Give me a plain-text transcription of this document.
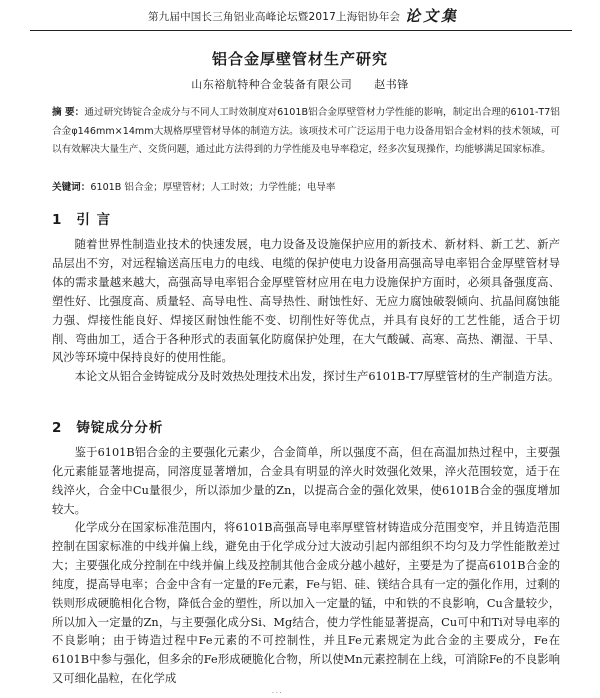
第九届中国长三角铝业高峰论坛暨2017上海铝协年会 论文集
铝合金厚壁管材生产研究
山东裕航特种合金装备有限公司 赵书锋
摘 要：通过研究铸锭合金成分与不同人工时效制度对6101B铝合金厚壁管材力学性能的影响，制定出合理的6101-T7铝合金φ146mm×14mm大规格厚壁管材导体的制造方法。该项技术可广泛运用于电力设备用铝合金材料的技术领域，可以有效解决大量生产、交货问题，通过此方法得到的力学性能及电导率稳定，经多次复现操作，均能够满足国家标准。
关键词：6101B 铝合金；厚壁管材；人工时效；力学性能；电导率
1 引 言

随着世界性制造业技术的快速发展，电力设备及设施保护应用的新技术、新材料、新工艺、新产品层出不穷，对远程输送高压电力的电线、电缆的保护使电力设备用高强高导电率铝合金厚壁管材导体的需求量越来越大，高强高导电率铝合金厚壁管材应用在电力设施保护方面时，必须具备强度高、塑性好、比强度高、质量轻、高导电性、高导热性、耐蚀性好、无应力腐蚀破裂倾向、抗晶间腐蚀能力强、焊接性能良好、焊接区耐蚀性能不变、切削性好等优点，并具有良好的工艺性能，适合于切削、弯曲加工，适合于各种形式的表面氧化防腐保护处理，在大气酸碱、高寒、高热、潮湿、干旱、风沙等环境中保持良好的使用性能。

本论文从铝合金铸锭成分及时效热处理技术出发，探讨生产6101B-T7厚壁管材的生产制造方法。

2 铸锭成分分析

鉴于6101B铝合金的主要强化元素少，合金简单，所以强度不高，但在高温加热过程中，主要强化元素能显著地提高，同溶度显著增加，合金具有明显的淬火时效强化效果，淬火范围较宽，适于在线淬火，合金中Cu量很少，所以添加少量的Zn，以提高合金的强化效果，使6101B合金的强度增加较大。

化学成分在国家标准范围内，将6101B高强高导电率厚壁管材铸造成分范围变窄，并且铸造范围控制在国家标准的中线并偏上线，避免由于化学成分过大波动引起内部组织不均匀及力学性能散差过大；主要强化成分控制在中线并偏上线及控制其他合金成分越小越好，主要是为了提高6101B合金的纯度，提高导电率；合金中含有一定量的Fe元素，Fe与铝、硅、镁结合具有一定的强化作用，过剩的铁则形成硬脆相化合物，降低合金的塑性，所以加入一定量的锰，中和铁的不良影响，Cu含量较少，所以加入一定量的Zn，与主要强化成分Si、Mg结合，使力学性能显著提高，Cu可中和Ti对导电率的不良影响；由于铸造过程中Fe元素的不可控制性，并且Fe元素规定为此合金的主要成分，Fe在6101B中参与强化，但多余的Fe形成硬脆化合物，所以使Mn元素控制在上线，可消除Fe的不良影响又可细化晶粒，在化学成

· · ·
